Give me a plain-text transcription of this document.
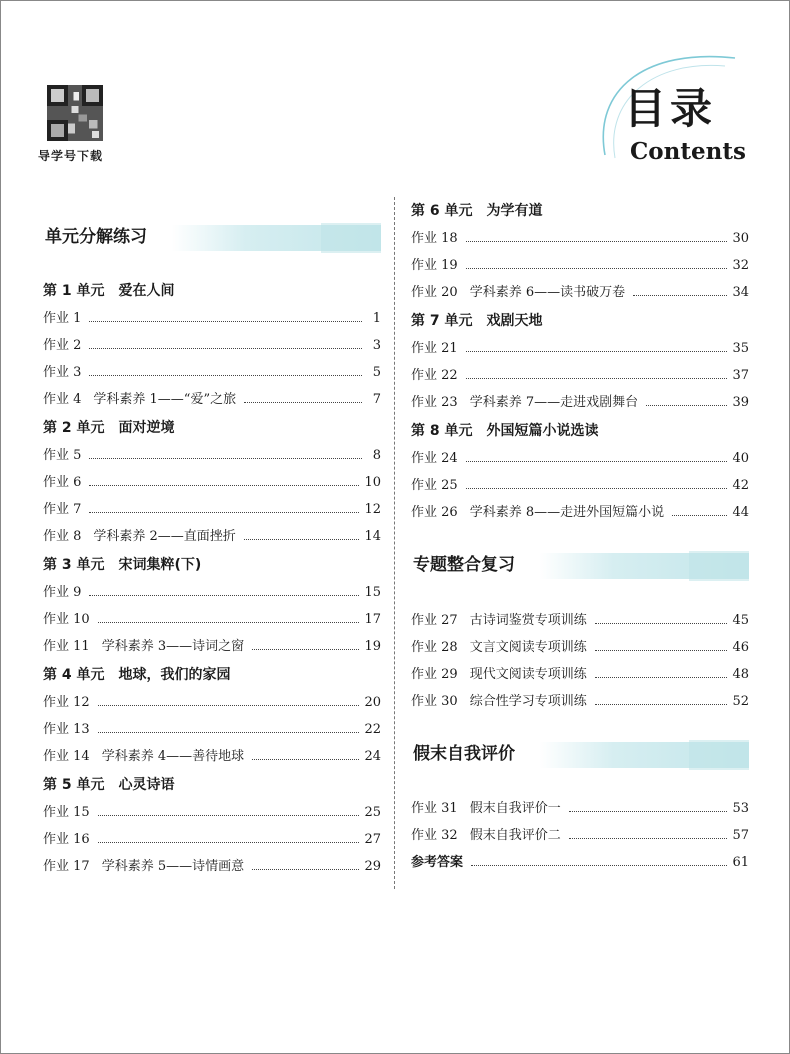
导学号下载
目录
Contents
单元分解练习
第 1 单元 爱在人间
作业 1	1
作业 2	3
作业 3	5
作业 4 学科素养 1——“爱”之旅	7
第 2 单元 面对逆境
作业 5	8
作业 6	10
作业 7	12
作业 8 学科素养 2——直面挫折	14
第 3 单元 宋词集粹(下)
作业 9	15
作业 10	17
作业 11 学科素养 3——诗词之窗	19
第 4 单元 地球，我们的家园
作业 12	20
作业 13	22
作业 14 学科素养 4——善待地球	24
第 5 单元 心灵诗语
作业 15	25
作业 16	27
作业 17 学科素养 5——诗情画意	29
第 6 单元 为学有道
作业 18	30
作业 19	32
作业 20 学科素养 6——读书破万卷	34
第 7 单元 戏剧天地
作业 21	35
作业 22	37
作业 23 学科素养 7——走进戏剧舞台	39
第 8 单元 外国短篇小说选读
作业 24	40
作业 25	42
作业 26 学科素养 8——走进外国短篇小说	44
专题整合复习
作业 27 古诗词鉴赏专项训练	45
作业 28 文言文阅读专项训练	46
作业 29 现代文阅读专项训练	48
作业 30 综合性学习专项训练	52
假末自我评价
作业 31 假末自我评价一	53
作业 32 假末自我评价二	57
参考答案	61
